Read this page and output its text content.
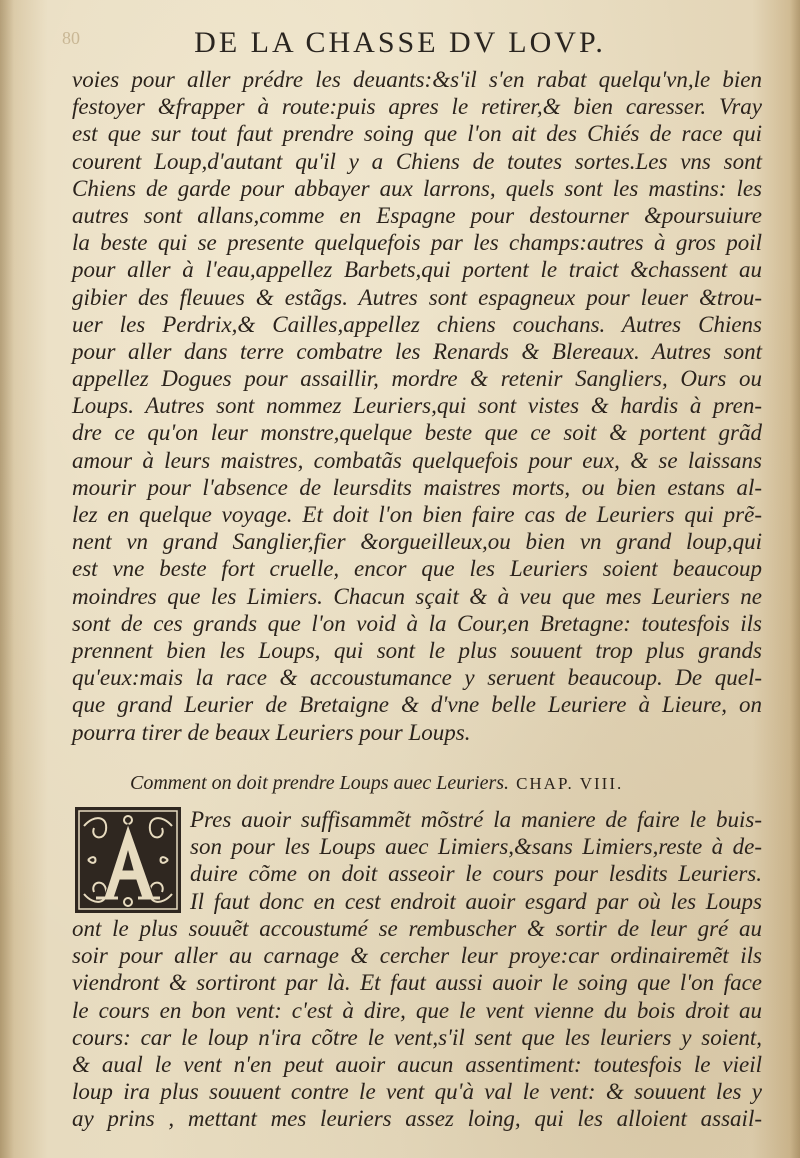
80	DE LA CHASSE DV LOVP.
voies pour aller prédre les deuants:&s'il s'en rabat quelqu'vn,le bien
festoyer &frapper à route:puis apres le retirer,& bien caresser. Vray
est que sur tout faut prendre soing que l'on ait des Chiés de race qui
courent Loup,d'autant qu'il y a Chiens de toutes sortes.Les vns sont
Chiens de garde pour abbayer aux larrons, quels sont les mastins: les
autres sont allans,comme en Espagne pour destourner &poursuiure
la beste qui se presente quelquefois par les champs:autres à gros poil
pour aller à l'eau,appellez Barbets,qui portent le traict &chassent au
gibier des fleuues & estãgs. Autres sont espagneux pour leuer &trou-
uer les Perdrix,& Cailles,appellez chiens couchans. Autres Chiens
pour aller dans terre combatre les Renards & Blereaux. Autres sont
appellez Dogues pour assaillir, mordre & retenir Sangliers, Ours ou
Loups. Autres sont nommez Leuriers,qui sont vistes & hardis à pren-
dre ce qu'on leur monstre,quelque beste que ce soit & portent grãd
amour à leurs maistres, combatãs quelquefois pour eux, & se laissans
mourir pour l'absence de leursdits maistres morts, ou bien estans al-
lez en quelque voyage. Et doit l'on bien faire cas de Leuriers qui prẽ-
nent vn grand Sanglier,fier &orgueilleux,ou bien vn grand loup,qui
est vne beste fort cruelle, encor que les Leuriers soient beaucoup
moindres que les Limiers. Chacun sçait & à veu que mes Leuriers ne
sont de ces grands que l'on void à la Cour,en Bretagne: toutesfois ils
prennent bien les Loups, qui sont le plus souuent trop plus grands
qu'eux:mais la race & accoustumance y seruent beaucoup. De quel-
que grand Leurier de Bretaigne & d'vne belle Leuriere à Lieure, on
pourra tirer de beaux Leuriers pour Loups.
Comment on doit prendre Loups auec Leuriers. CHAP. VIII.
Pres auoir suffisammẽt mõstré la maniere de faire le buis-
son pour les Loups auec Limiers,&sans Limiers,reste à de-
duire cõme on doit asseoir le cours pour lesdits Leuriers.
Il faut donc en cest endroit auoir esgard par où les Loups
ont le plus souuẽt accoustumé se rembuscher & sortir de leur gré au
soir pour aller au carnage & cercher leur proye:car ordinairemẽt ils
viendront & sortiront par là. Et faut aussi auoir le soing que l'on face
le cours en bon vent: c'est à dire, que le vent vienne du bois droit au
cours: car le loup n'ira cõtre le vent,s'il sent que les leuriers y soient,
& aual le vent n'en peut auoir aucun assentiment: toutesfois le vieil
loup ira plus souuent contre le vent qu'à val le vent: & souuent les y
ay prins , mettant mes leuriers assez loing, qui les alloient assail-
